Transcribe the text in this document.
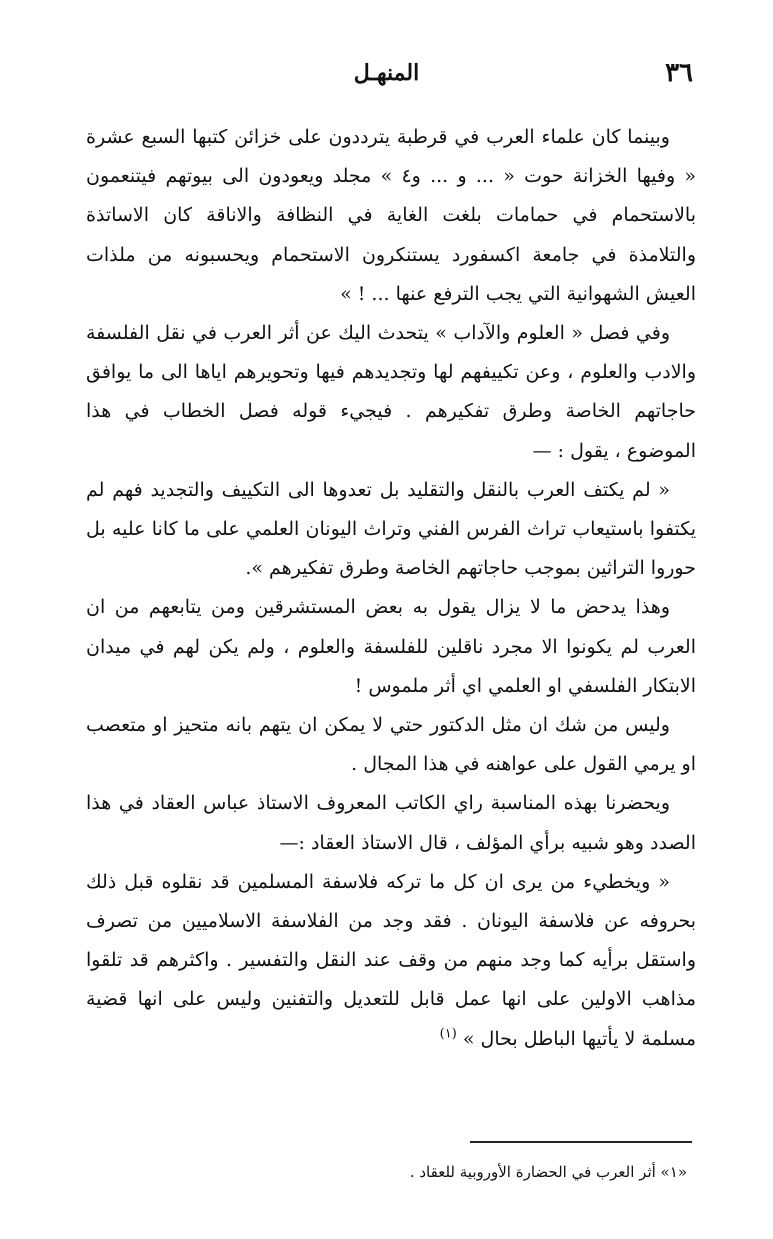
٣٦
المنهـل

وبينما كان علماء العرب في قرطبة يترددون على خزائن كتبها السبع عشرة « وفيها الخزانة حوت « ... و ... و٤ » مجلد ويعودون الى بيوتهم فيتنعمون بالاستحمام في حمامات بلغت الغاية في النظافة والاناقة كان الاساتذة والتلامذة في جامعة اكسفورد يستنكرون الاستحمام ويحسبونه من ملذات العيش الشهوانية التي يجب الترفع عنها ... ! »

وفي فصل « العلوم والآداب » يتحدث اليك عن أثر العرب في نقل الفلسفة والادب والعلوم ، وعن تكييفهم لها وتجديدهم فيها وتحويرهم اياها الى ما يوافق حاجاتهم الخاصة وطرق تفكيرهم . فيجيء قوله فصل الخطاب في هذا الموضوع ، يقول : —

« لم يكتف العرب بالنقل والتقليد بل تعدوها الى التكييف والتجديد فهم لم يكتفوا باستيعاب تراث الفرس الفني وتراث اليونان العلمي على ما كانا عليه بل حوروا التراثين بموجب حاجاتهم الخاصة وطرق تفكيرهم ».

وهذا يدحض ما لا يزال يقول به بعض المستشرقين ومن يتابعهم من ان العرب لم يكونوا الا مجرد ناقلين للفلسفة والعلوم ، ولم يكن لهم في ميدان الابتكار الفلسفي او العلمي اي أثر ملموس !

وليس من شك ان مثل الدكتور حتي لا يمكن ان يتهم بانه متحيز او متعصب او يرمي القول على عواهنه في هذا المجال .

ويحضرنا بهذه المناسبة راي الكاتب المعروف الاستاذ عباس العقاد في هذا الصدد وهو شبيه برأي المؤلف ، قال الاستاذ العقاد :—

« ويخطيء من يرى ان كل ما تركه فلاسفة المسلمين قد نقلوه قبل ذلك بحروفه عن فلاسفة اليونان . فقد وجد من الفلاسفة الاسلاميين من تصرف واستقل برأيه كما وجد منهم من وقف عند النقل والتفسير . واكثرهم قد تلقوا مذاهب الاولين على انها عمل قابل للتعديل والتفنين وليس على انها قضية مسلمة لا يأتيها الباطل بحال » $^{(١)}$

«١» أثر العرب في الحضارة الأوروبية للعقاد .
